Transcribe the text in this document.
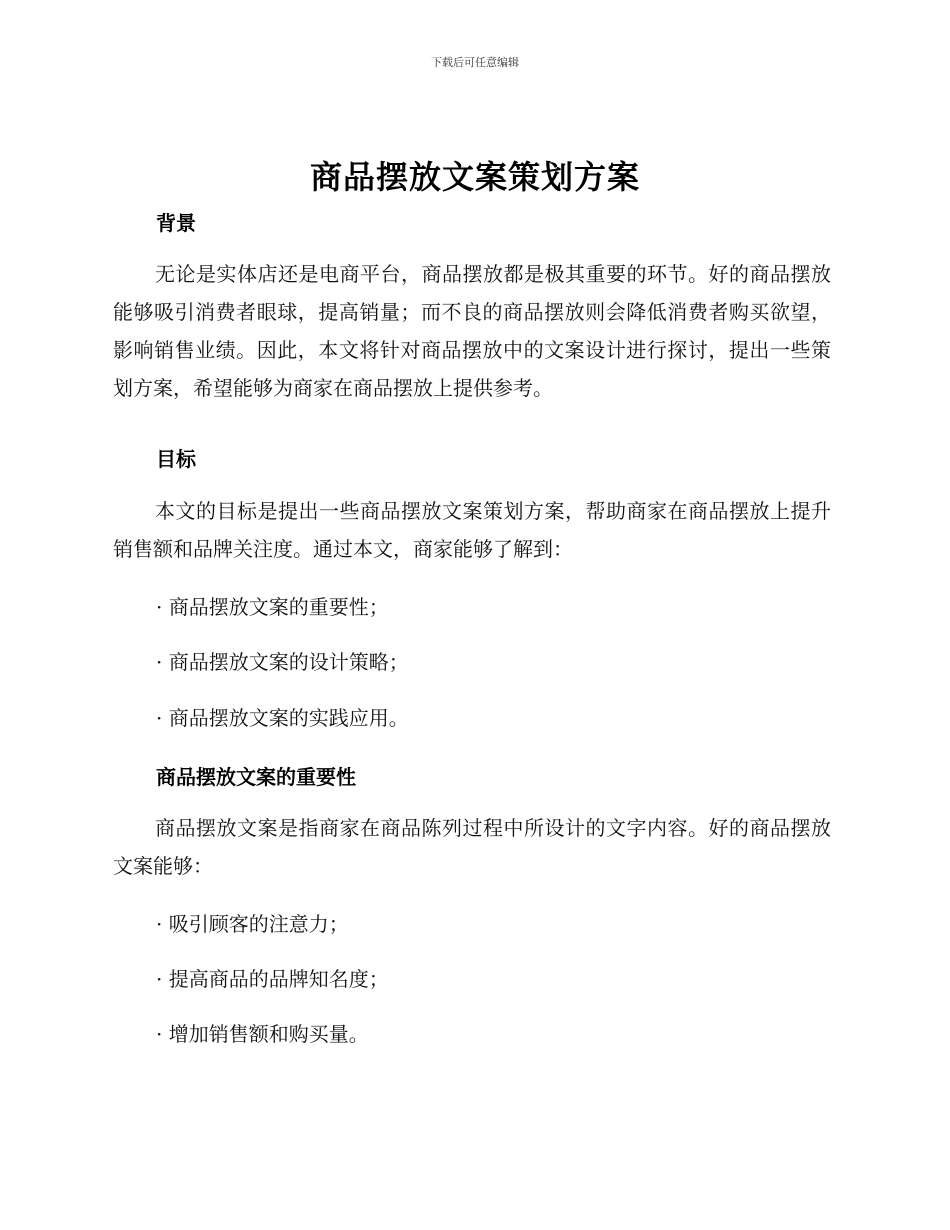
下载后可任意编辑
商品摆放文案策划方案
背景
无论是实体店还是电商平台，商品摆放都是极其重要的环节。好的商品摆放能够吸引消费者眼球，提高销量；而不良的商品摆放则会降低消费者购买欲望，影响销售业绩。因此，本文将针对商品摆放中的文案设计进行探讨，提出一些策划方案，希望能够为商家在商品摆放上提供参考。
目标
本文的目标是提出一些商品摆放文案策划方案，帮助商家在商品摆放上提升销售额和品牌关注度。通过本文，商家能够了解到：
· 商品摆放文案的重要性；
· 商品摆放文案的设计策略；
· 商品摆放文案的实践应用。
商品摆放文案的重要性
商品摆放文案是指商家在商品陈列过程中所设计的文字内容。好的商品摆放文案能够：
· 吸引顾客的注意力；
· 提高商品的品牌知名度；
· 增加销售额和购买量。
